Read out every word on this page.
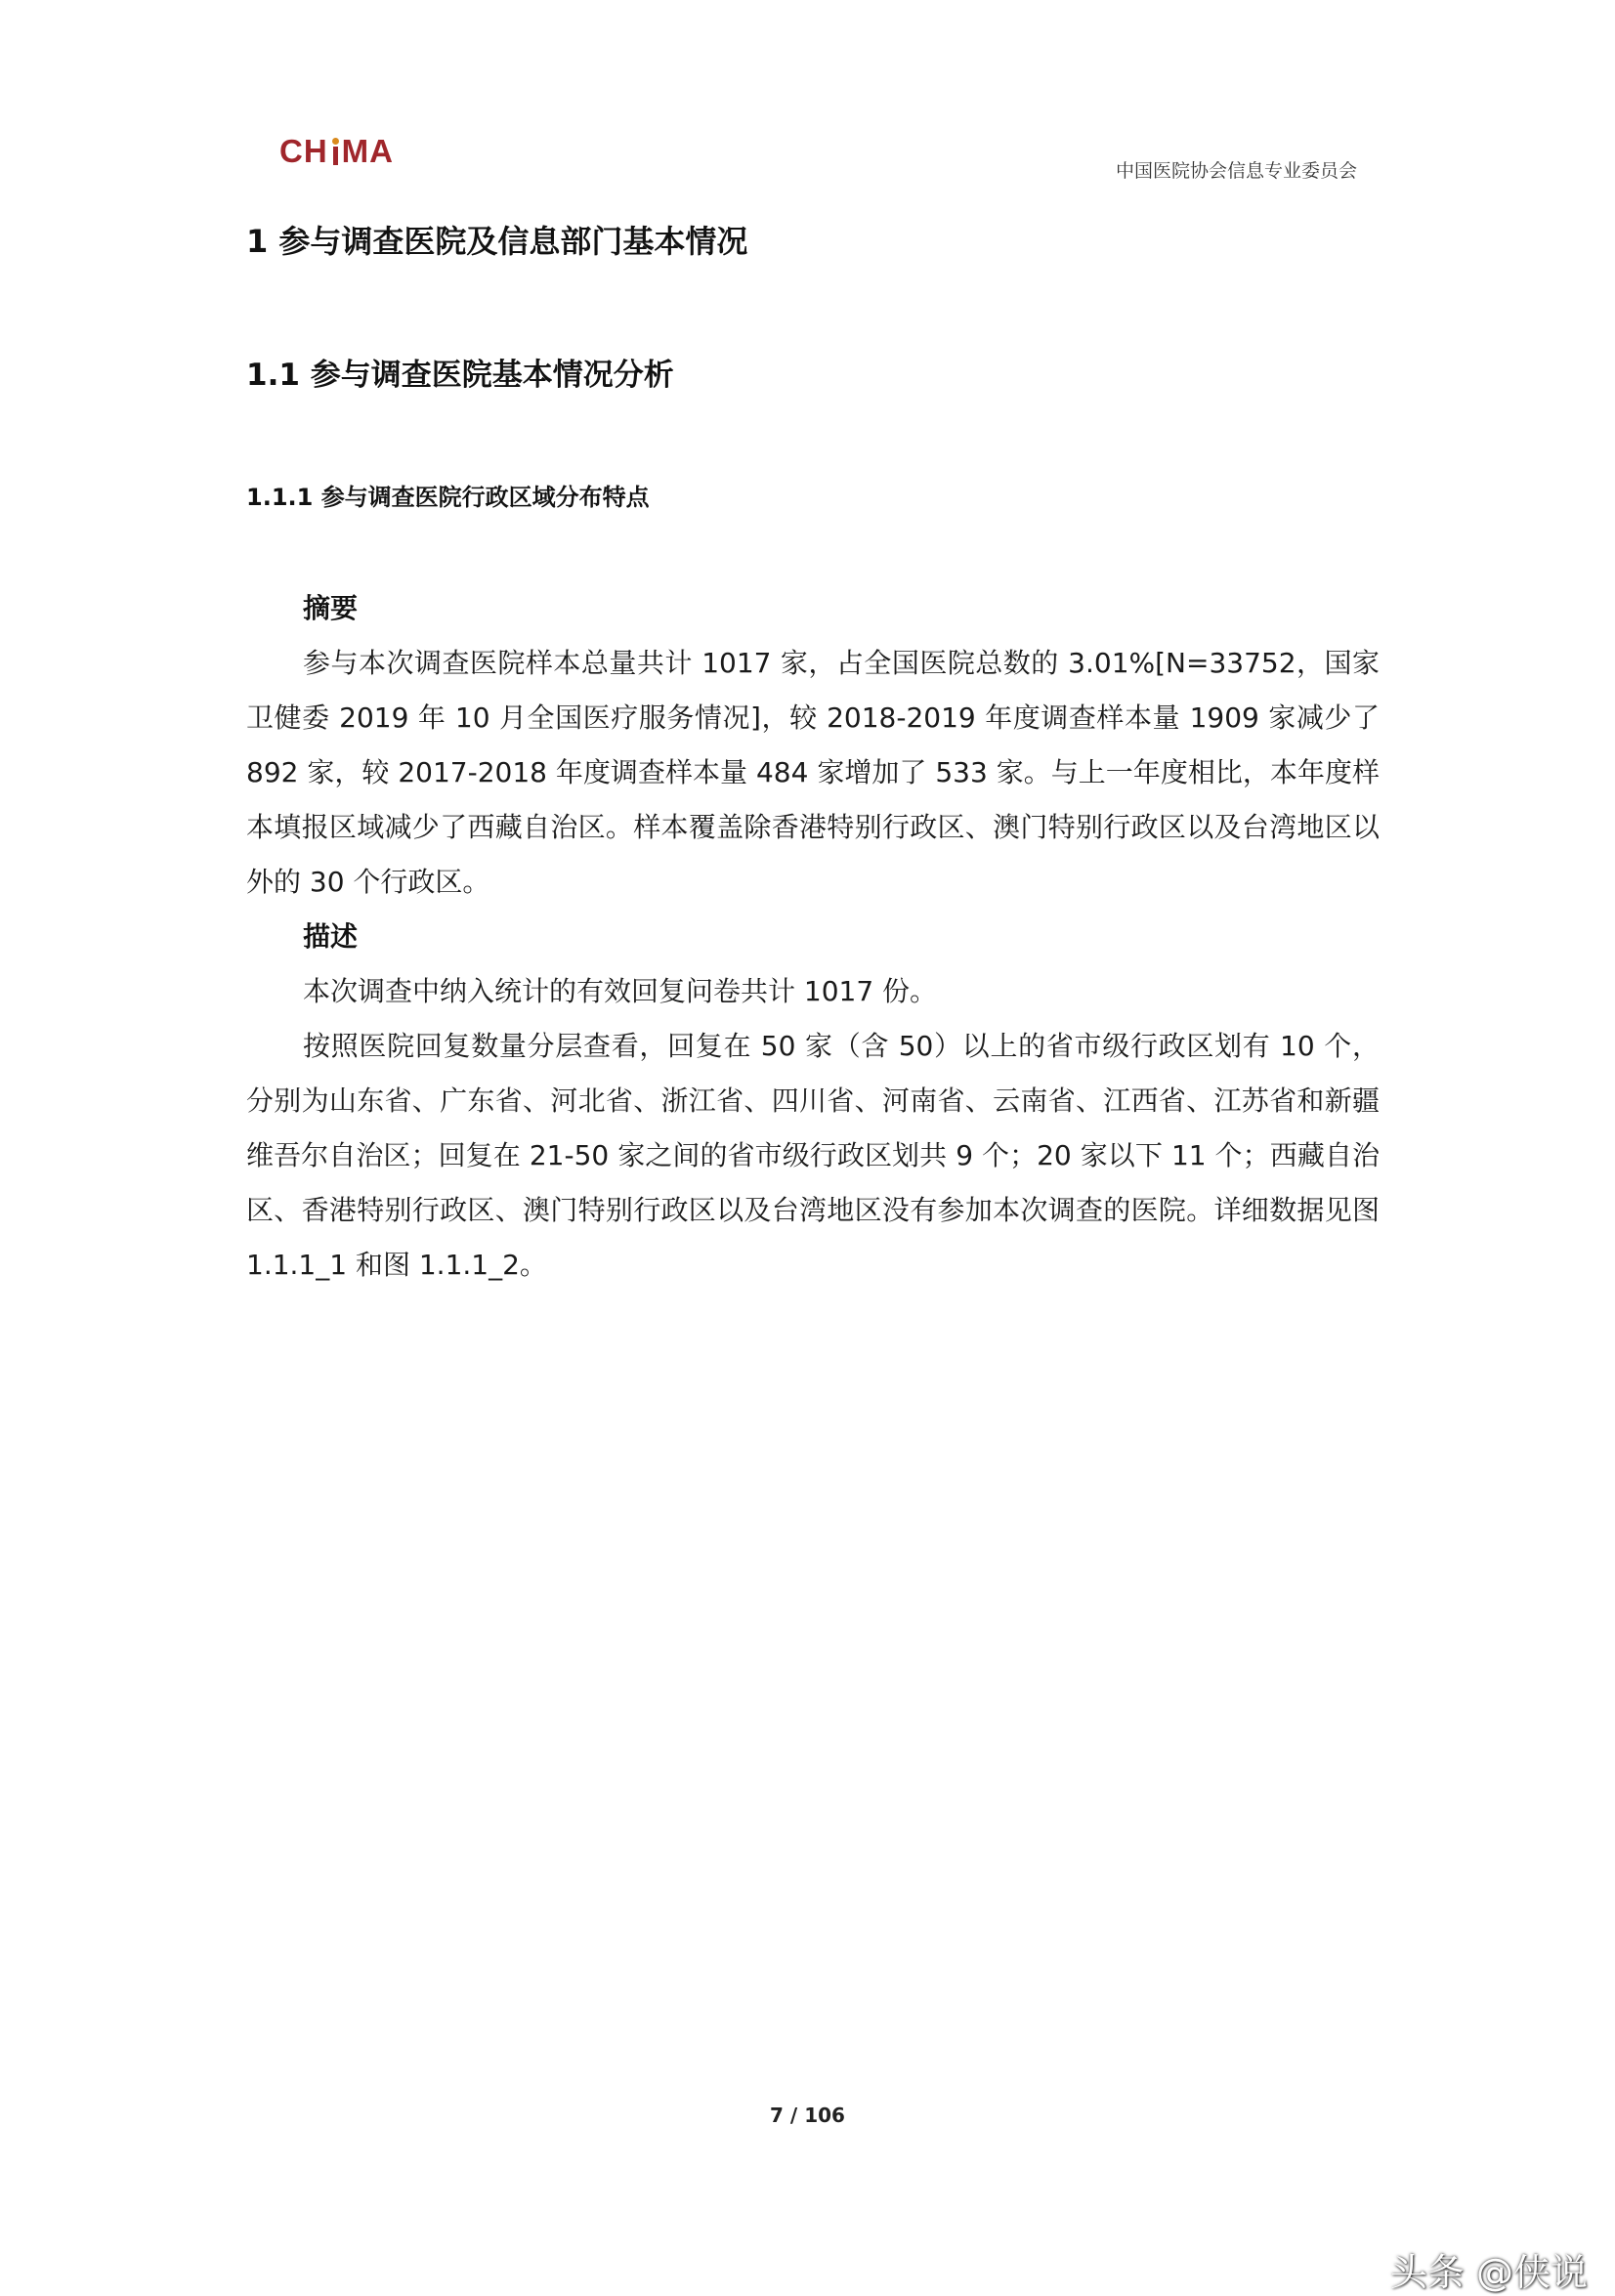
CH MA
中国医院协会信息专业委员会
1 参与调查医院及信息部门基本情况
1.1 参与调查医院基本情况分析
1.1.1 参与调查医院行政区域分布特点
摘要

参与本次调查医院样本总量共计 1017 家，占全国医院总数的 3.01%[N=33752，国家卫健委 2019 年 10 月全国医疗服务情况]，较 2018-2019 年度调查样本量 1909 家减少了 892 家，较 2017-2018 年度调查样本量 484 家增加了 533 家。与上一年度相比，本年度样本填报区域减少了西藏自治区。样本覆盖除香港特别行政区、澳门特别行政区以及台湾地区以外的 30 个行政区。

描述

本次调查中纳入统计的有效回复问卷共计 1017 份。

按照医院回复数量分层查看，回复在 50 家（含 50）以上的省市级行政区划有 10 个，分别为山东省、广东省、河北省、浙江省、四川省、河南省、云南省、江西省、江苏省和新疆维吾尔自治区；回复在 21-50 家之间的省市级行政区划共 9 个；20 家以下 11 个；西藏自治区、香港特别行政区、澳门特别行政区以及台湾地区没有参加本次调查的医院。详细数据见图 1.1.1_1 和图 1.1.1_2。

7 / 106
头条 @侠说
